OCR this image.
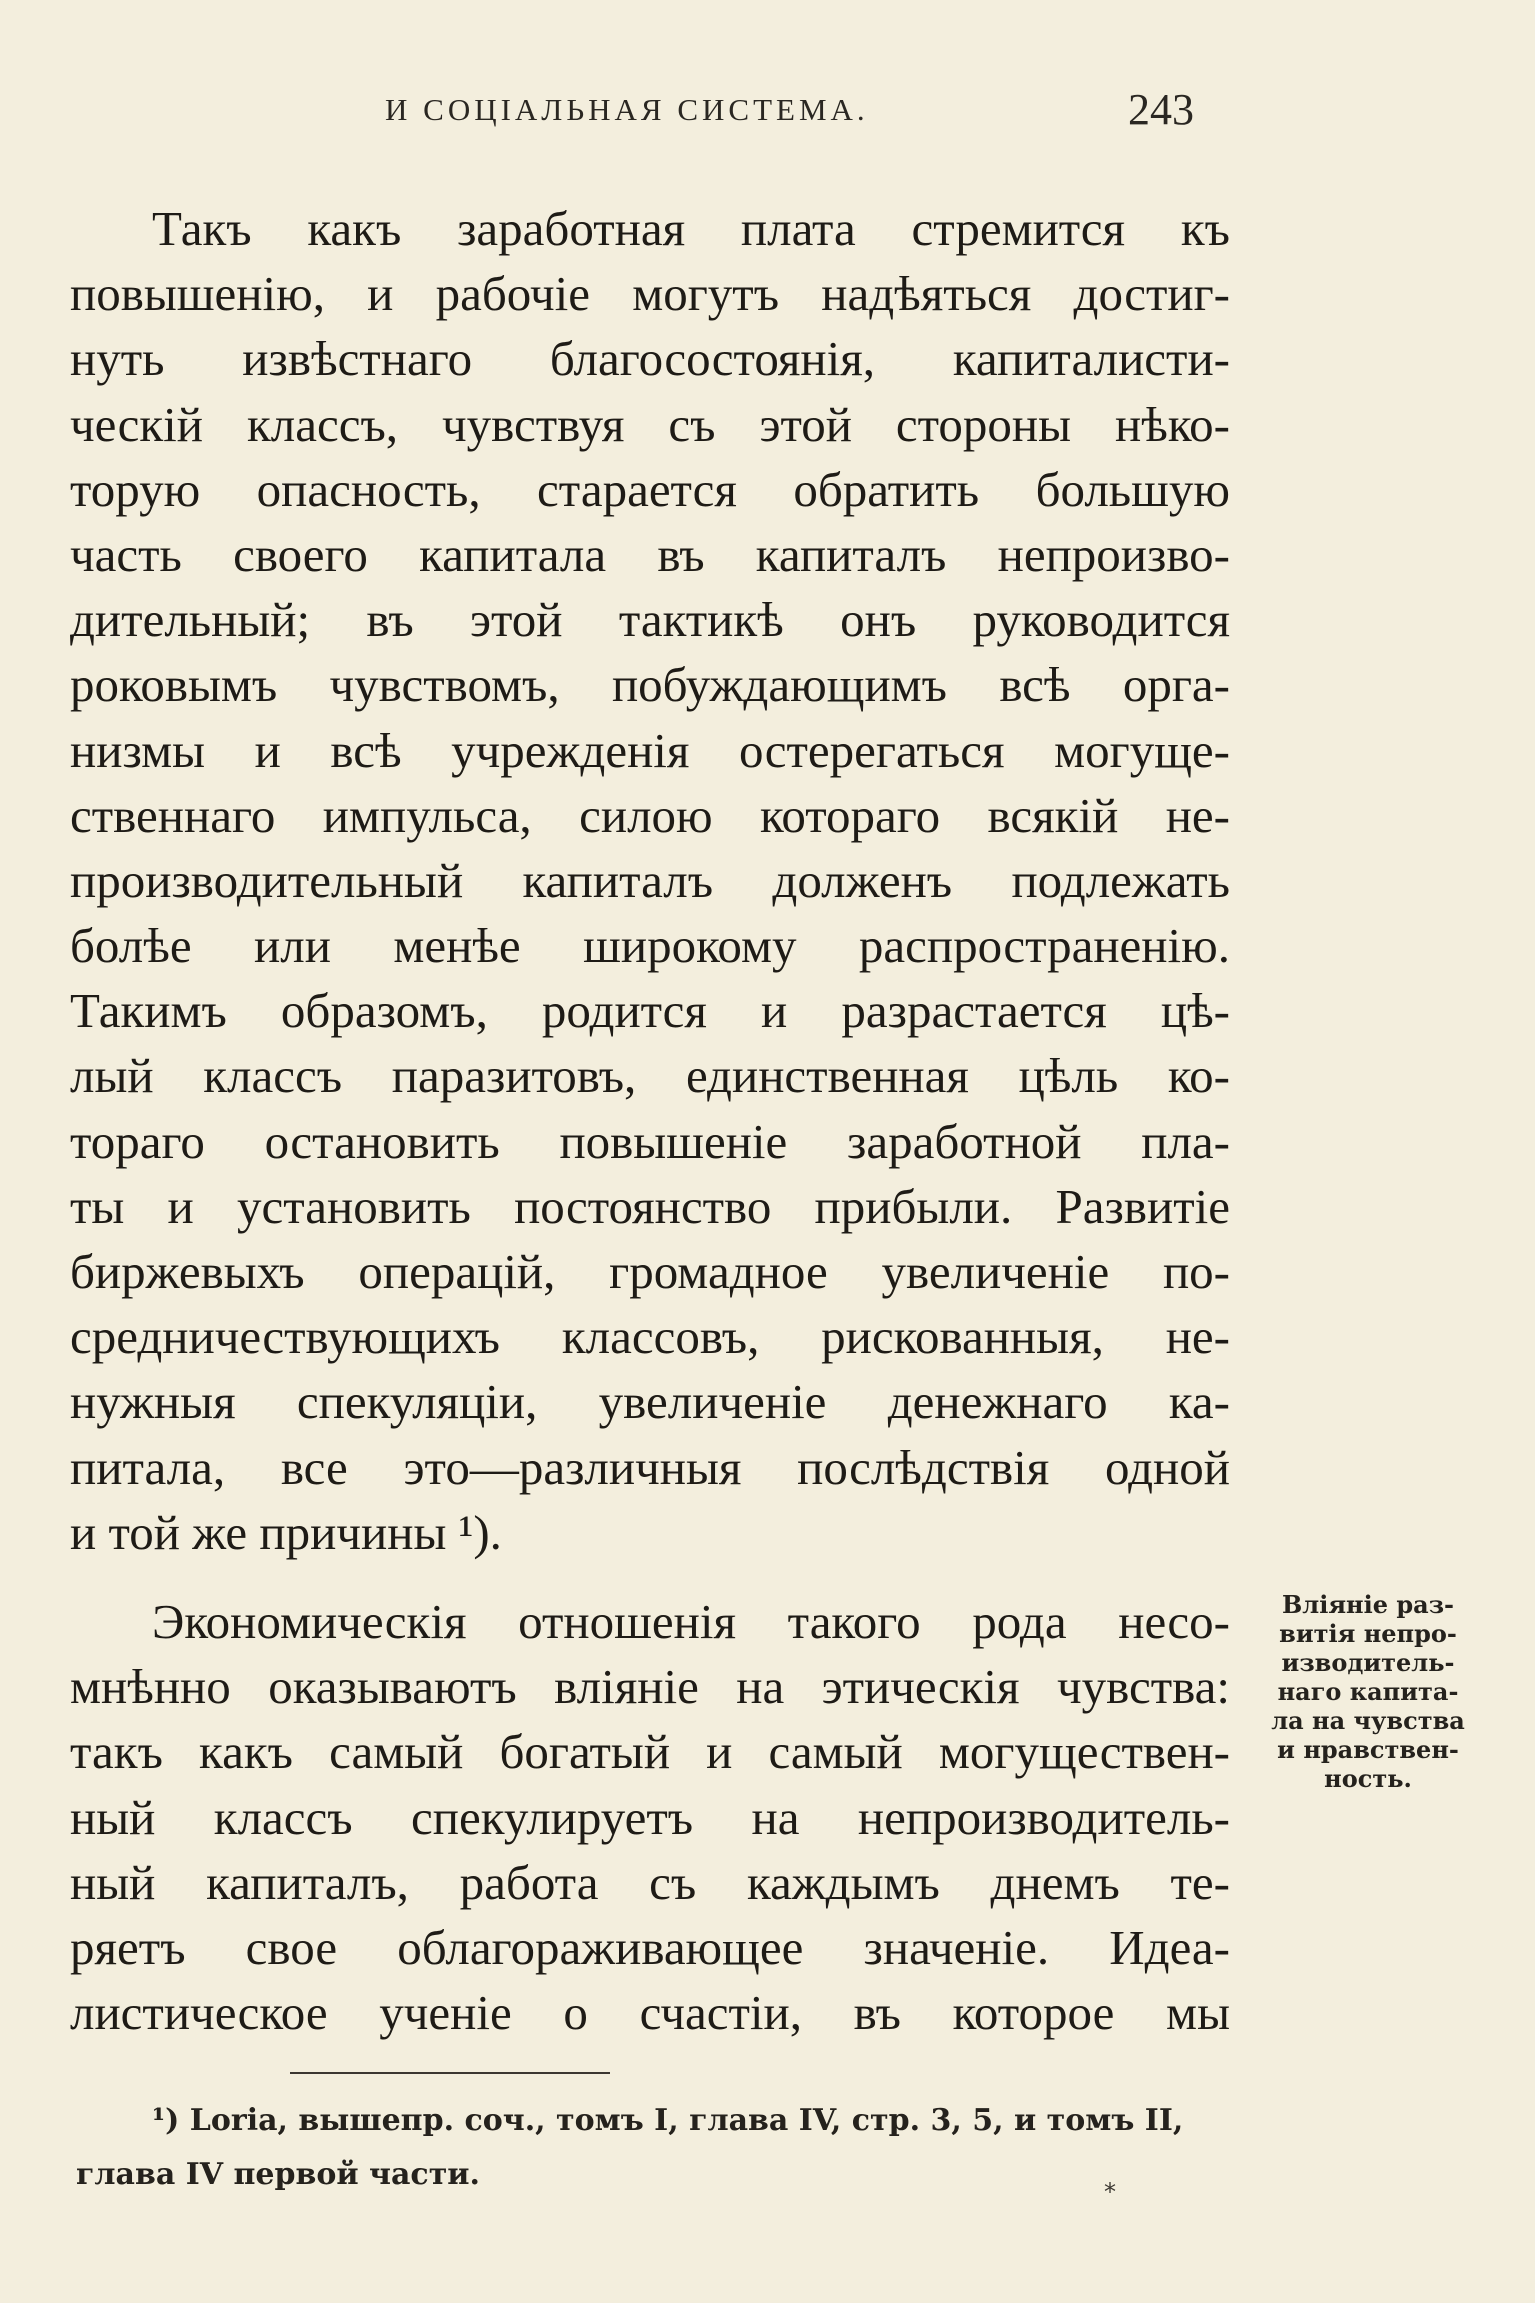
И СОЦІАЛЬНАЯ СИСТЕМА.	243
Такъ какъ заработная плата стремится къ
повышенію, и рабочіе могутъ надѣяться достиг-
нуть извѣстнаго благосостоянія, капиталисти-
ческій классъ, чувствуя съ этой стороны нѣко-
торую опасность, старается обратить большую
часть своего капитала въ капиталъ непроизво-
дительный; въ этой тактикѣ онъ руководится
роковымъ чувствомъ, побуждающимъ всѣ орга-
низмы и всѣ учрежденія остерегаться могуще-
ственнаго импульса, силою котораго всякій не-
производительный капиталъ долженъ подлежать
болѣе или менѣе широкому распространенію.
Такимъ образомъ, родится и разрастается цѣ-
лый классъ паразитовъ, единственная цѣль ко-
тораго остановить повышеніе заработной пла-
ты и установить постоянство прибыли. Развитіе
биржевыхъ операцій, громадное увеличеніе по-
средничествующихъ классовъ, рискованныя, не-
нужныя спекуляціи, увеличеніе денежнаго ка-
питала, все это—различныя послѣдствія одной
и той же причины ¹).
Экономическія отношенія такого рода несо-
мнѣнно оказываютъ вліяніе на этическія чувства:
такъ какъ самый богатый и самый могуществен-
ный классъ спекулируетъ на непроизводитель-
ный капиталъ, работа съ каждымъ днемъ те-
ряетъ свое облагораживающее значеніе. Идеа-
листическое ученіе о счастіи, въ которое мы
Вліяніе раз-
витія непро-
изводитель-
наго капита-
ла на чувства
и нравствен-
ность.
¹) Loria, вышепр. соч., томъ I, глава IV, стр. 3, 5, и томъ II,
глава IV первой части.	*
